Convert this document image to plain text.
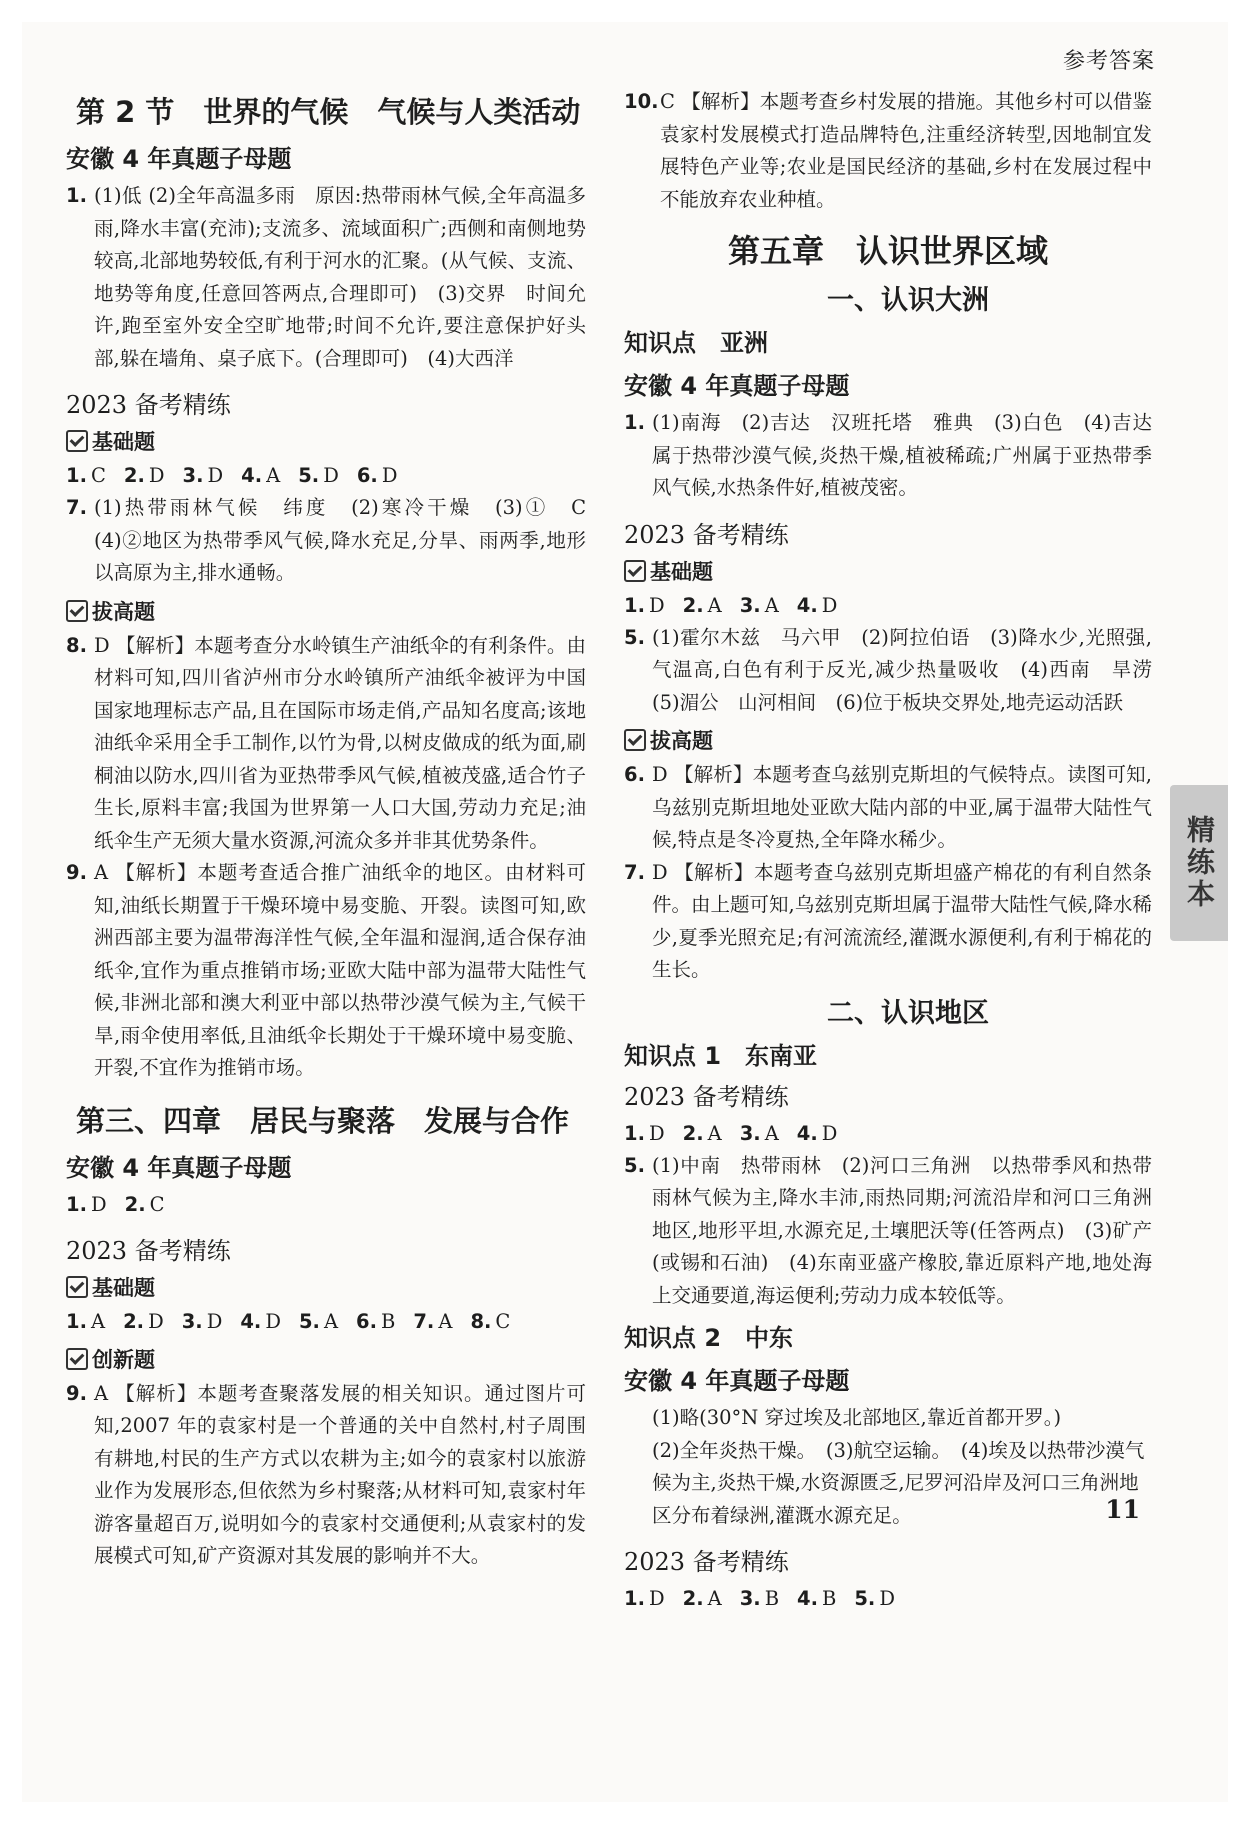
参考答案
第 2 节　世界的气候　气候与人类活动
安徽 4 年真题子母题

1. (1)低 (2)全年高温多雨　原因:热带雨林气候,全年高温多雨,降水丰富(充沛);支流多、流域面积广;西侧和南侧地势较高,北部地势较低,有利于河水的汇聚。(从气候、支流、地势等角度,任意回答两点,合理即可)　(3)交界　时间允许,跑至室外安全空旷地带;时间不允许,要注意保护好头部,躲在墙角、桌子底下。(合理即可)　(4)大西洋

2023 备考精练
基础题

1. C 2. D 3. D 4. A 5. D 6. D

7. (1)热带雨林气候　纬度　(2)寒冷干燥　(3)①　C　(4)②地区为热带季风气候,降水充足,分旱、雨两季,地形以高原为主,排水通畅。

拔高题

8. D 【解析】本题考查分水岭镇生产油纸伞的有利条件。由材料可知,四川省泸州市分水岭镇所产油纸伞被评为中国国家地理标志产品,且在国际市场走俏,产品知名度高;该地油纸伞采用全手工制作,以竹为骨,以树皮做成的纸为面,刷桐油以防水,四川省为亚热带季风气候,植被茂盛,适合竹子生长,原料丰富;我国为世界第一人口大国,劳动力充足;油纸伞生产无须大量水资源,河流众多并非其优势条件。

9. A 【解析】本题考查适合推广油纸伞的地区。由材料可知,油纸长期置于干燥环境中易变脆、开裂。读图可知,欧洲西部主要为温带海洋性气候,全年温和湿润,适合保存油纸伞,宜作为重点推销市场;亚欧大陆中部为温带大陆性气候,非洲北部和澳大利亚中部以热带沙漠气候为主,气候干旱,雨伞使用率低,且油纸伞长期处于干燥环境中易变脆、开裂,不宜作为推销市场。

第三、四章　居民与聚落　发展与合作
安徽 4 年真题子母题

1. D 2. C

2023 备考精练
基础题

1. A 2. D 3. D 4. D 5. A 6. B 7. A 8. C

创新题

9. A 【解析】本题考查聚落发展的相关知识。通过图片可知,2007 年的袁家村是一个普通的关中自然村,村子周围有耕地,村民的生产方式以农耕为主;如今的袁家村以旅游业作为发展形态,但依然为乡村聚落;从材料可知,袁家村年游客量超百万,说明如今的袁家村交通便利;从袁家村的发展模式可知,矿产资源对其发展的影响并不大。

10.C 【解析】本题考查乡村发展的措施。其他乡村可以借鉴袁家村发展模式打造品牌特色,注重经济转型,因地制宜发展特色产业等;农业是国民经济的基础,乡村在发展过程中不能放弃农业种植。

第五章　认识世界区域
一、认识大洲
知识点　亚洲
安徽 4 年真题子母题

1. (1)南海　(2)吉达　汉班托塔　雅典　(3)白色　(4)吉达属于热带沙漠气候,炎热干燥,植被稀疏;广州属于亚热带季风气候,水热条件好,植被茂密。

2023 备考精练
基础题

1. D 2. A 3. A 4. D

5. (1)霍尔木兹　马六甲　(2)阿拉伯语　(3)降水少,光照强,气温高,白色有利于反光,减少热量吸收　(4)西南　旱涝　(5)湄公　山河相间　(6)位于板块交界处,地壳运动活跃

拔高题

6. D 【解析】本题考查乌兹别克斯坦的气候特点。读图可知,乌兹别克斯坦地处亚欧大陆内部的中亚,属于温带大陆性气候,特点是冬冷夏热,全年降水稀少。

7. D 【解析】本题考查乌兹别克斯坦盛产棉花的有利自然条件。由上题可知,乌兹别克斯坦属于温带大陆性气候,降水稀少,夏季光照充足;有河流流经,灌溉水源便利,有利于棉花的生长。

二、认识地区
知识点 1　东南亚
2023 备考精练

1. D 2. A 3. A 4. D

5. (1)中南　热带雨林　(2)河口三角洲　以热带季风和热带雨林气候为主,降水丰沛,雨热同期;河流沿岸和河口三角洲地区,地形平坦,水源充足,土壤肥沃等(任答两点)　(3)矿产(或锡和石油)　(4)东南亚盛产橡胶,靠近原料产地,地处海上交通要道,海运便利;劳动力成本较低等。

知识点 2　中东
安徽 4 年真题子母题

(1)略(30°N 穿过埃及北部地区,靠近首都开罗。)

(2)全年炎热干燥。　(3)航空运输。　(4)埃及以热带沙漠气候为主,炎热干燥,水资源匮乏,尼罗河沿岸及河口三角洲地区分布着绿洲,灌溉水源充足。

2023 备考精练

1. D 2. A 3. B 4. B 5. D

精练本
11
